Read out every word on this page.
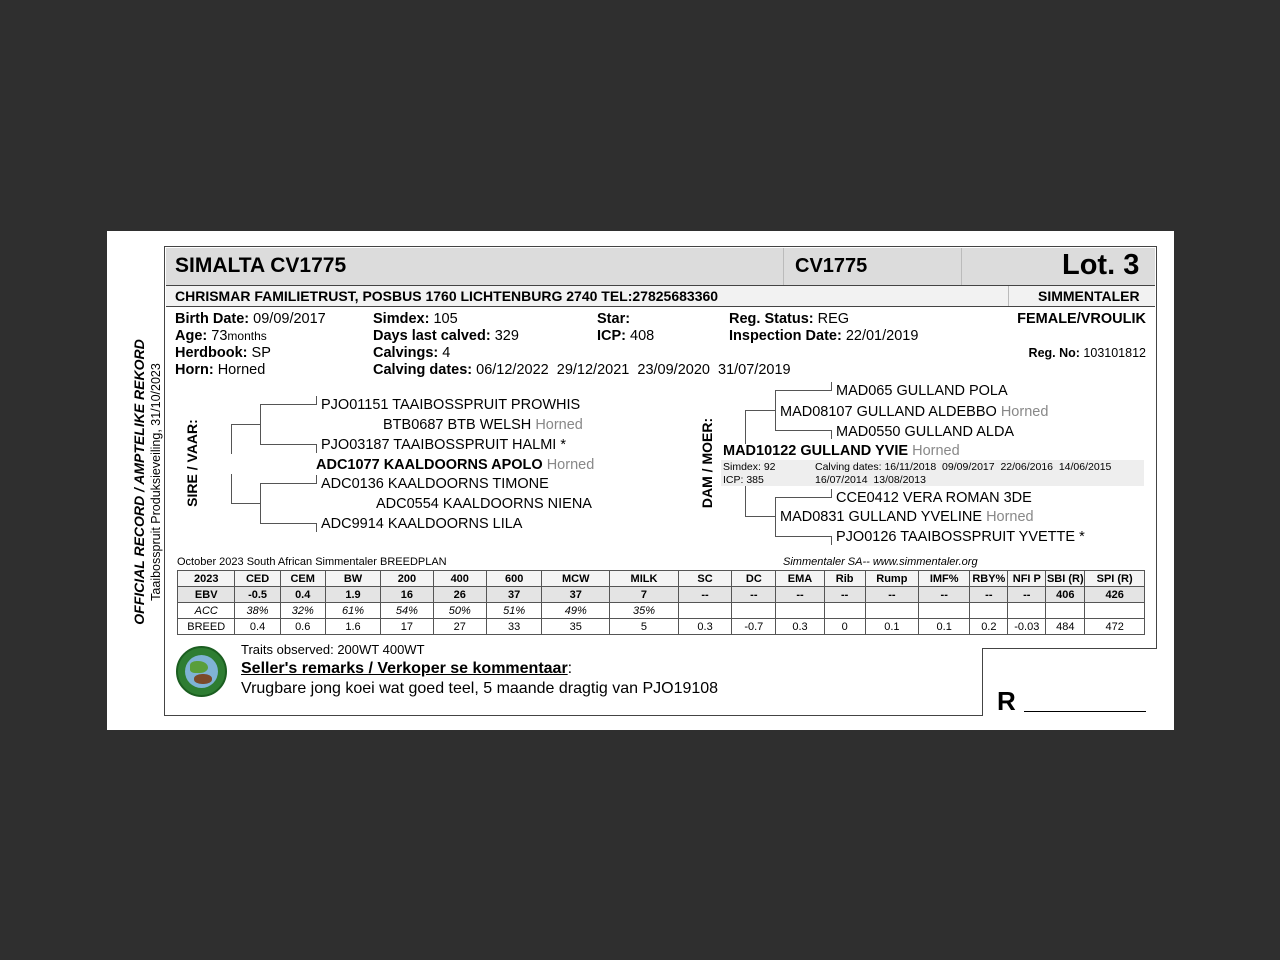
OFFICIAL RECORD / AMPTELIKE REKORD Taaibosspruit Produksieveiling, 31/10/2023
SIMALTA CV1775	CV1775	Lot. 3
CHRISMAR FAMILIETRUST, POSBUS 1760 LICHTENBURG 2740 TEL:27825683360	SIMMENTALER
Birth Date: 09/09/2017
Age: 73months
Herdbook: SP
Horn: Horned
Simdex: 105
Days last calved: 329
Calvings: 4
Calving dates: 06/12/2022  29/12/2021  23/09/2020  31/07/2019
Star:
ICP: 408
Reg. Status: REG
Inspection Date: 22/01/2019
FEMALE/VROULIK
Reg. No: 103101812
SIRE / VAAR:
PJO01151 TAAIBOSSPRUIT PROWHIS
BTB0687 BTB WELSH Horned
PJO03187 TAAIBOSSPRUIT HALMI *
ADC1077 KAALDOORNS APOLO Horned
ADC0136 KAALDOORNS TIMONE
ADC0554 KAALDOORNS NIENA
ADC9914 KAALDOORNS LILA
DAM / MOER:
MAD065 GULLAND POLA
MAD08107 GULLAND ALDEBBO Horned
MAD0550 GULLAND ALDA
MAD10122 GULLAND YVIE Horned
Simdex: 92
ICP: 385
Calving dates: 16/11/2018  09/09/2017  22/06/2016  14/06/2015
16/07/2014  13/08/2013
CCE0412 VERA ROMAN 3DE
MAD0831 GULLAND YVELINE Horned
PJO0126 TAAIBOSSPRUIT YVETTE *
October 2023 South African Simmentaler BREEDPLAN	Simmentaler SA-- www.simmentaler.org
2023	CED	CEM	BW	200	400	600	MCW	MILK	SC	DC	EMA	Rib	Rump	IMF%	RBY%	NFI P	SBI (R)	SPI (R)
EBV	-0.5	0.4	1.9	16	26	37	37	7	--	--	--	--	--	--	--	--	406	426
ACC	38%	32%	61%	54%	50%	51%	49%	35%										
BREED	0.4	0.6	1.6	17	27	33	35	5	0.3	-0.7	0.3	0	0.1	0.1	0.2	-0.03	484	472
Traits observed: 200WT 400WT
Seller's remarks / Verkoper se kommentaar:
Vrugbare jong koei wat goed teel, 5 maande dragtig van PJO19108	R
